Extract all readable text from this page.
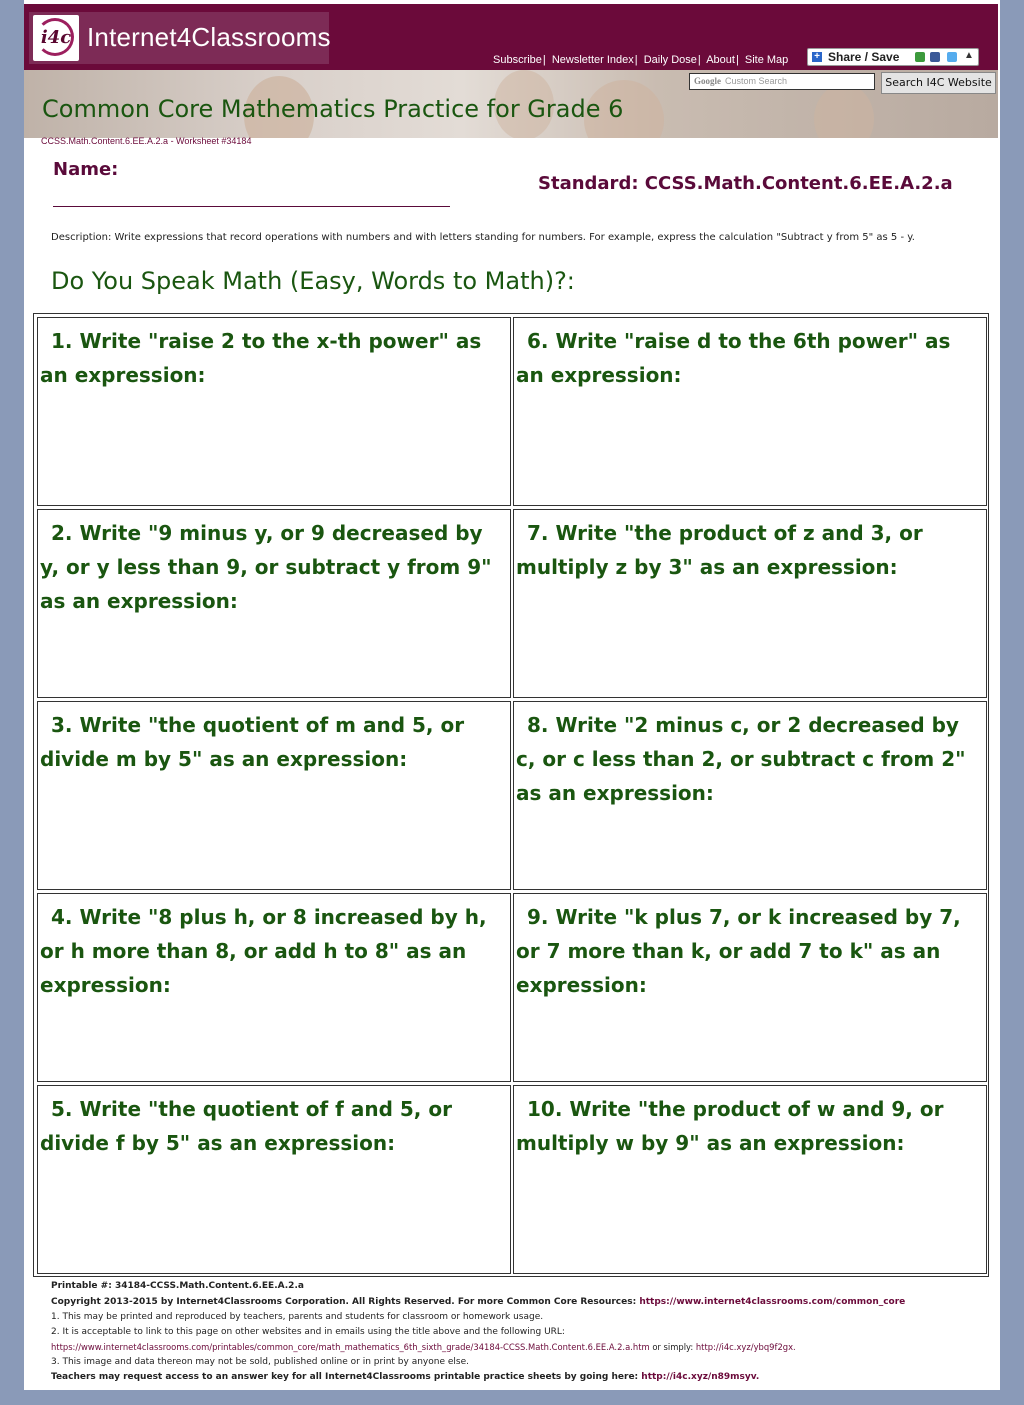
i4c Internet4Classrooms
Subscribe| Newsletter Index| Daily Dose| About| Site Map	+ Share / Save	▲

Google Custom Search	Search I4C Website
Common Core Mathematics Practice for Grade 6
CCSS.Math.Content.6.EE.A.2.a - Worksheet #34184
Name:
Standard: CCSS.Math.Content.6.EE.A.2.a
Description: Write expressions that record operations with numbers and with letters standing for numbers. For example, express the calculation "Subtract y from 5" as 5 - y.
Do You Speak Math (Easy, Words to Math)?:
1. Write "raise 2 to the x-th power" as an expression:
6. Write "raise d to the 6th power" as an expression:
2. Write "9 minus y, or 9 decreased by y, or y less than 9, or subtract y from 9" as an expression:
7. Write "the product of z and 3, or multiply z by 3" as an expression:
3. Write "the quotient of m and 5, or divide m by 5" as an expression:
8. Write "2 minus c, or 2 decreased by c, or c less than 2, or subtract c from 2" as an expression:
4. Write "8 plus h, or 8 increased by h, or h more than 8, or add h to 8" as an expression:
9. Write "k plus 7, or k increased by 7, or 7 more than k, or add 7 to k" as an expression:
5. Write "the quotient of f and 5, or divide f by 5" as an expression:
10. Write "the product of w and 9, or multiply w by 9" as an expression:
Printable #: 34184-CCSS.Math.Content.6.EE.A.2.a
Copyright 2013-2015 by Internet4Classrooms Corporation. All Rights Reserved. For more Common Core Resources: https://www.internet4classrooms.com/common_core
1. This may be printed and reproduced by teachers, parents and students for classroom or homework usage.
2. It is acceptable to link to this page on other websites and in emails using the title above and the following URL:
https://www.internet4classrooms.com/printables/common_core/math_mathematics_6th_sixth_grade/34184-CCSS.Math.Content.6.EE.A.2.a.htm or simply: http://i4c.xyz/ybq9f2gx.
3. This image and data thereon may not be sold, published online or in print by anyone else.
Teachers may request access to an answer key for all Internet4Classrooms printable practice sheets by going here: http://i4c.xyz/n89msyv.
